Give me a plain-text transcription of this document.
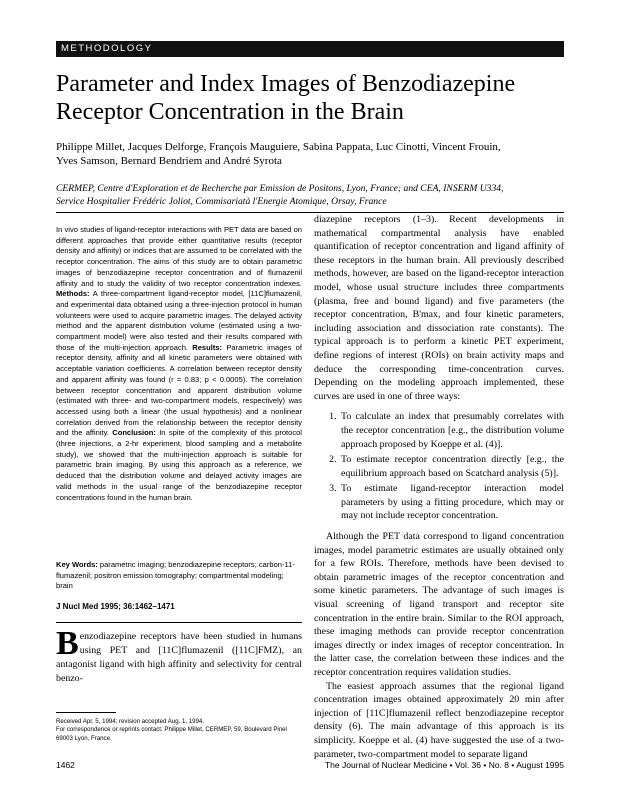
METHODOLOGY
Parameter and Index Images of Benzodiazepine
Receptor Concentration in the Brain
Philippe Millet, Jacques Delforge, François Mauguiere, Sabina Pappata, Luc Cinotti, Vincent Frouin,
Yves Samson, Bernard Bendriem and André Syrota
CERMEP, Centre d'Exploration et de Recherche par Emission de Positons, Lyon, France; and CEA, INSERM U334,
Service Hospitalier Frédéric Joliot, Commisariatà l'Energie Atomique, Orsay, France
In vivo studies of ligand-receptor interactions with PET data are based on different approaches that provide either quantitative results (receptor density and affinity) or indices that are assumed to be correlated with the receptor concentration. The aims of this study are to obtain parametric images of benzodiazepine receptor concentration and of flumazenil affinity and to study the validity of two receptor concentration indexes. Methods: A three-compartment ligand-receptor model, [11C]flumazenil, and experimental data obtained using a three-injection protocol in human volunteers were used to acquire parametric images. The delayed activity method and the apparent distribution volume (estimated using a two-compartment model) were also tested and their results compared with those of the multi-injection approach. Results: Parametric images of receptor density, affinity and all kinetic parameters were obtained with acceptable variation coefficients. A correlation between receptor density and apparent affinity was found (r = 0.83; p < 0.0005). The correlation between receptor concentration and apparent distribution volume (estimated with three- and two-compartment models, respectively) was accessed using both a linear (the usual hypothesis) and a nonlinear correlation derived from the relationship between the receptor density and the affinity. Conclusion: In spite of the complexity of this protocol (three injections, a 2-hr experiment, blood sampling and a metabolite study), we showed that the multi-injection approach is suitable for parametric brain imaging. By using this approach as a reference, we deduced that the distribution volume and delayed activity images are valid methods in the usual range of the benzodiazepine receptor concentrations found in the human brain.
Key Words: parametric imaging; benzodiazepine receptors; carbon-11-flumazenil; positron emission tomography; compartmental modeling; brain
J Nucl Med 1995; 36:1462–1471
Benzodiazepine receptors have been studied in humans using PET and [11C]flumazenil ([11C]FMZ), an antagonist ligand with high affinity and selectivity for central benzo-
Received Apr. 5, 1994; revision accepted Aug. 1, 1994.
For correspondence or reprints contact: Philippe Millet, CERMEP, 59, Boulevard Pinel 69003 Lyon, France.

diazepine receptors (1–3). Recent developments in mathematical compartmental analysis have enabled quantification of receptor concentration and ligand affinity of these receptors in the human brain. All previously described methods, however, are based on the ligand-receptor interaction model, whose usual structure includes three compartments (plasma, free and bound ligand) and five parameters (the receptor concentration, B'max, and four kinetic parameters, including association and dissociation rate constants). The typical approach is to perform a kinetic PET experiment, define regions of interest (ROIs) on brain activity maps and deduce the corresponding time-concentration curves. Depending on the modeling approach implemented, these curves are used in one of three ways:

1. To calculate an index that presumably correlates with the receptor concentration [e.g., the distribution volume approach proposed by Koeppe et al. (4)].
2. To estimate receptor concentration directly [e.g., the equilibrium approach based on Scatchard analysis (5)].
3. To estimate ligand-receptor interaction model parameters by using a fitting procedure, which may or may not include receptor concentration.

Although the PET data correspond to ligand concentration images, model parametric estimates are usually obtained only for a few ROIs. Therefore, methods have been devised to obtain parametric images of the receptor concentration and some kinetic parameters. The advantage of such images is visual screening of ligand transport and receptor site concentration in the entire brain. Similar to the ROI approach, these imaging methods can provide receptor concentration images directly or index images of receptor concentration. In the latter case, the correlation between these indices and the receptor concentration requires validation studies.

The easiest approach assumes that the regional ligand concentration images obtained approximately 20 min after injection of [11C]flumazenil reflect benzodiazepine receptor density (6). The main advantage of this approach is its simplicity. Koeppe et al. (4) have suggested the use of a two-parameter, two-compartment model to separate ligand

1462	The Journal of Nuclear Medicine • Vol. 36 • No. 8 • August 1995
